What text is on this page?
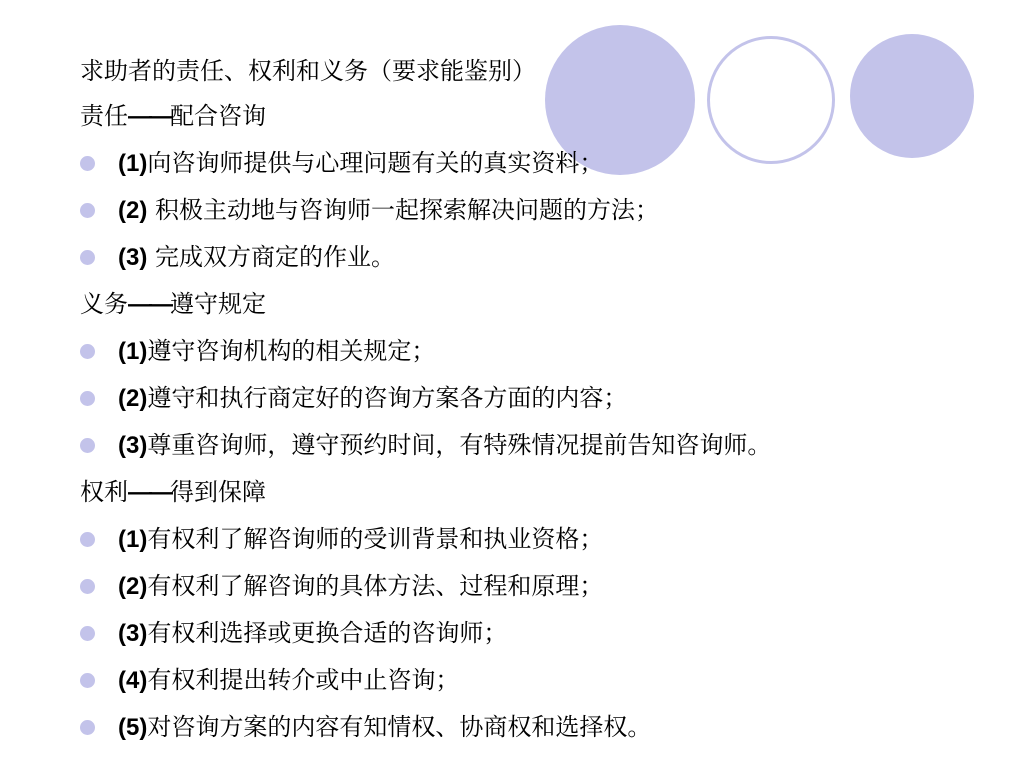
求助者的责任、权利和义务（要求能鉴别）
责任——配合咨询
(1)向咨询师提供与心理问题有关的真实资料；
(2) 积极主动地与咨询师一起探索解决问题的方法；
(3) 完成双方商定的作业。
义务——遵守规定
(1)遵守咨询机构的相关规定；
(2)遵守和执行商定好的咨询方案各方面的内容；
(3)尊重咨询师，遵守预约时间，有特殊情况提前告知咨询师。
权利——得到保障
(1)有权利了解咨询师的受训背景和执业资格；
(2)有权利了解咨询的具体方法、过程和原理；
(3)有权利选择或更换合适的咨询师；
(4)有权利提出转介或中止咨询；
(5)对咨询方案的内容有知情权、协商权和选择权。
